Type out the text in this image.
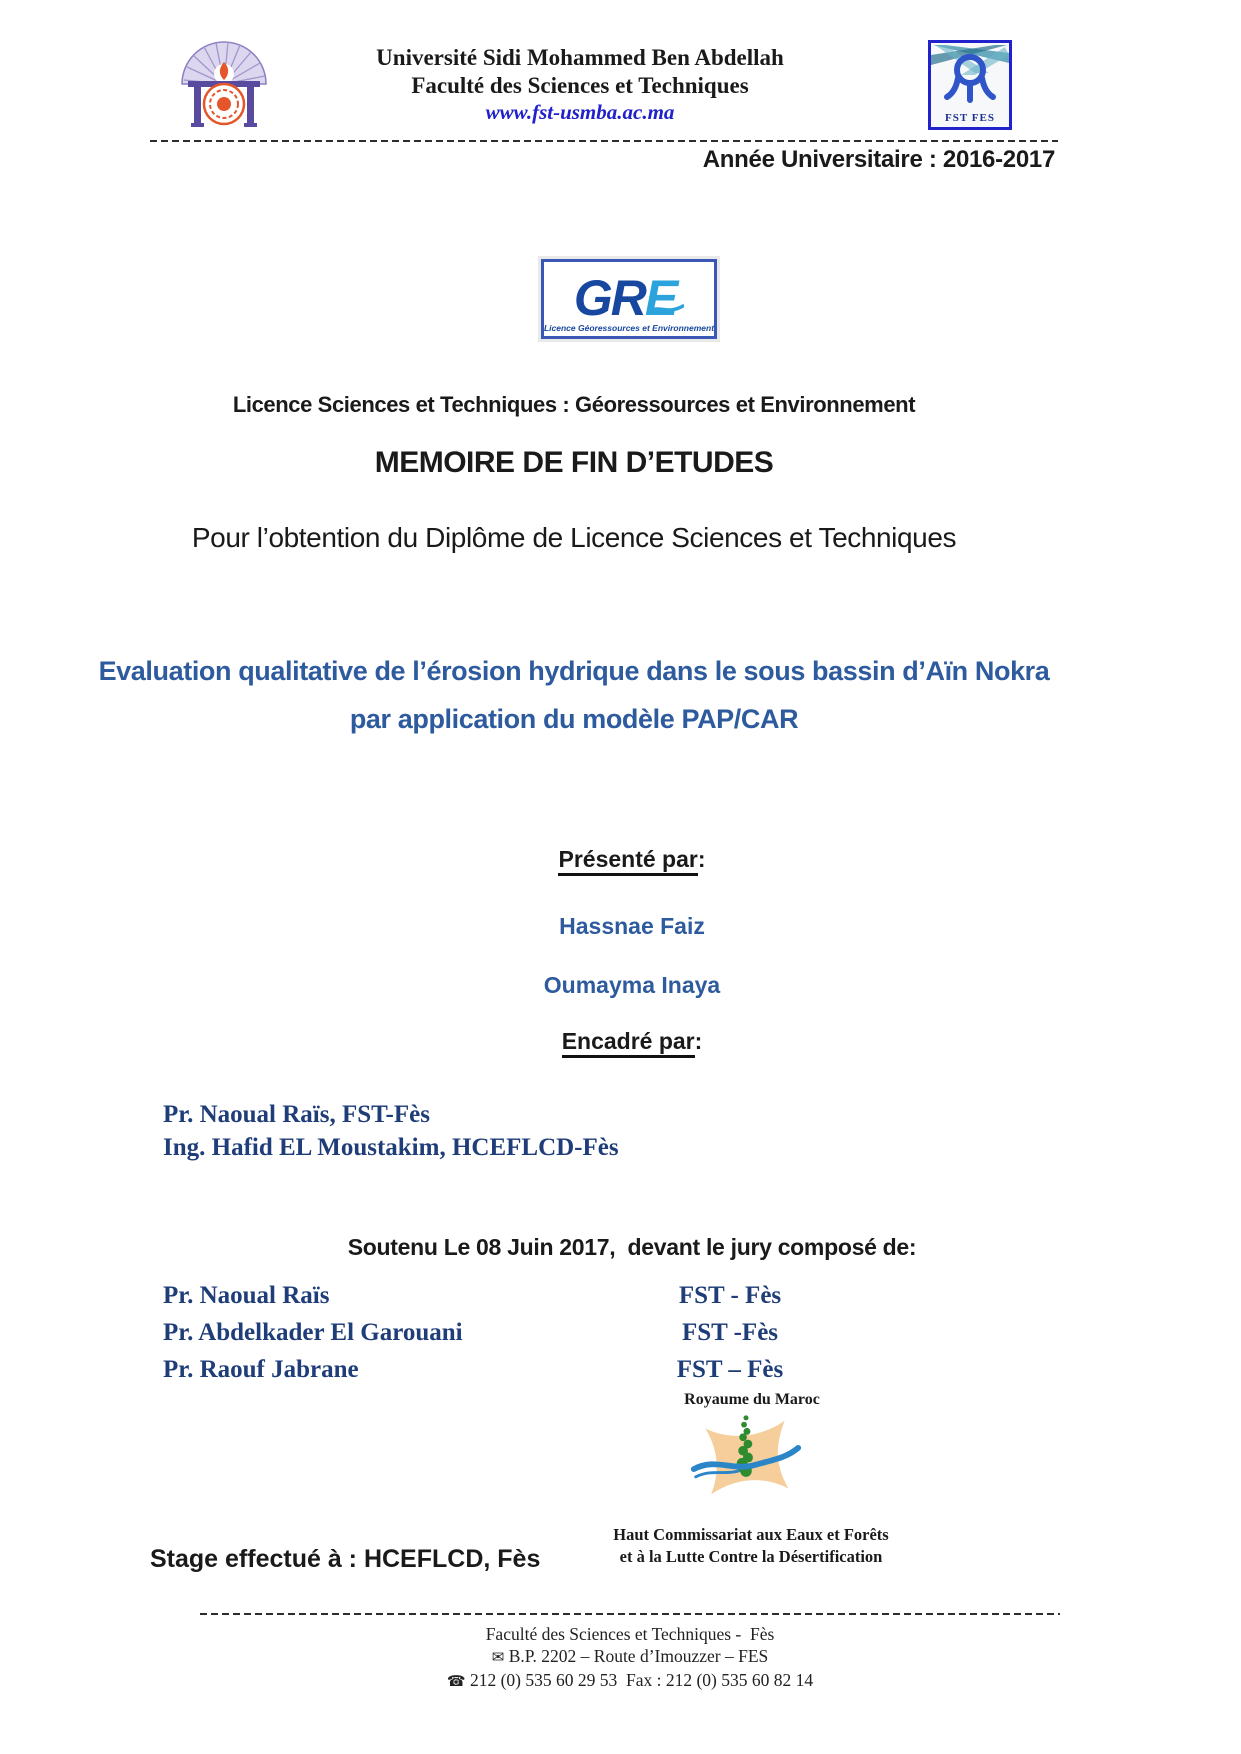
Université Sidi Mohammed Ben Abdellah
Faculté des Sciences et Techniques
www.fst-usmba.ac.ma	FST FES
Année Universitaire : 2016-2017
GR E
Licence Géoressources et Environnement
Licence Sciences et Techniques : Géoressources et Environnement
MEMOIRE DE FIN D’ETUDES
Pour l’obtention du Diplôme de Licence Sciences et Techniques
Evaluation qualitative de l’érosion hydrique dans le sous bassin d’Aïn Nokra
par application du modèle PAP/CAR
Présenté par:
Hassnae Faiz
Oumayma Inaya
Encadré par:
Pr. Naoual Raïs, FST-Fès
Ing. Hafid EL Moustakim, HCEFLCD-Fès
Soutenu Le 08 Juin 2017,  devant le jury composé de:
Pr. Naoual Raïs	FST - Fès
Pr. Abdelkader El Garouani	FST -Fès
Pr. Raouf Jabrane	FST – Fès
Royaume du Maroc
Haut Commissariat aux Eaux et Forêts
et à la Lutte Contre la Désertification
Stage effectué à : HCEFLCD, Fès
Faculté des Sciences et Techniques -  Fès
✉ B.P. 2202 – Route d’Imouzzer – FES
☎ 212 (0) 535 60 29 53  Fax : 212 (0) 535 60 82 14
